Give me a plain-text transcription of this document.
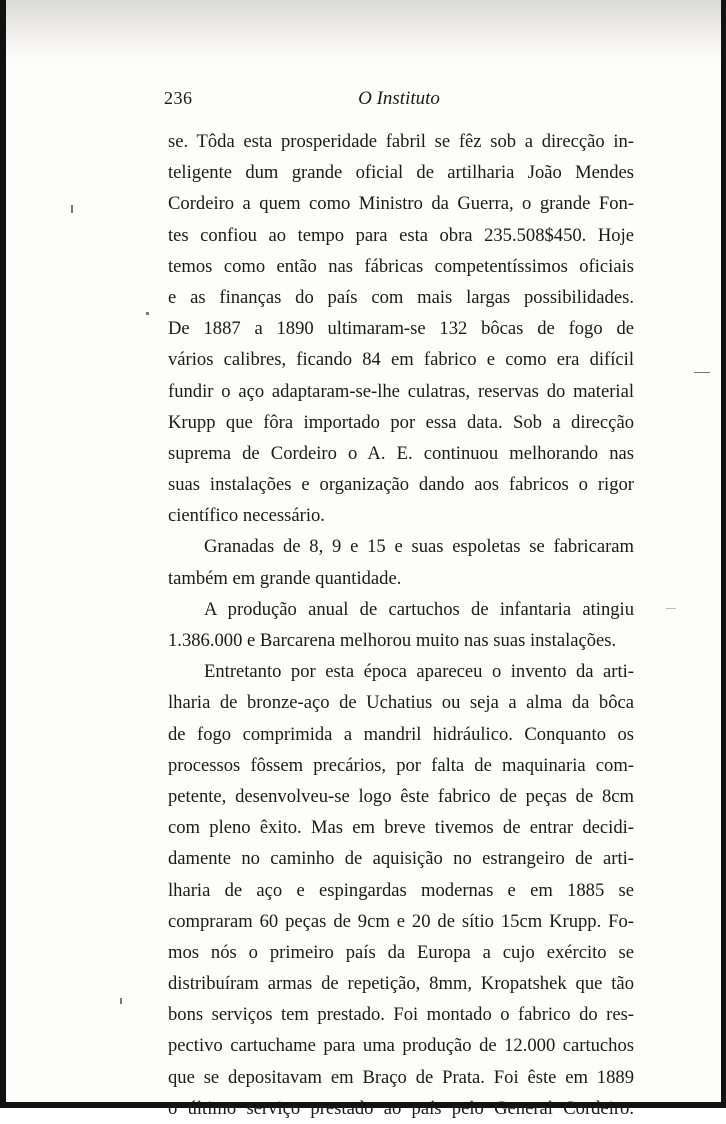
236	O Instituto
se. Tôda esta prosperidade fabril se fêz sob a direcção in-
teligente dum grande oficial de artilharia João Mendes
Cordeiro a quem como Ministro da Guerra, o grande Fon-
tes confiou ao tempo para esta obra 235.508$450. Hoje
temos como então nas fábricas competentíssimos oficiais
e as finanças do país com mais largas possibilidades.
De 1887 a 1890 ultimaram-se 132 bôcas de fogo de
vários calibres, ficando 84 em fabrico e como era difícil
fundir o aço adaptaram-se-lhe culatras, reservas do material
Krupp que fôra importado por essa data. Sob a direcção
suprema de Cordeiro o A. E. continuou melhorando nas
suas instalações e organização dando aos fabricos o rigor
científico necessário.
Granadas de 8, 9 e 15 e suas espoletas se fabricaram
também em grande quantidade.
A produção anual de cartuchos de infantaria atingiu
1.386.000 e Barcarena melhorou muito nas suas instalações.
Entretanto por esta época apareceu o invento da arti-
lharia de bronze-aço de Uchatius ou seja a alma da bôca
de fogo comprimida a mandril hidráulico. Conquanto os
processos fôssem precários, por falta de maquinaria com-
petente, desenvolveu-se logo êste fabrico de peças de 8cm
com pleno êxito. Mas em breve tivemos de entrar decidi-
damente no caminho de aquisição no estrangeiro de arti-
lharia de aço e espingardas modernas e em 1885 se
compraram 60 peças de 9cm e 20 de sítio 15cm Krupp. Fo-
mos nós o primeiro país da Europa a cujo exército se
distribuíram armas de repetição, 8mm, Kropatshek que tão
bons serviços tem prestado. Foi montado o fabrico do res-
pectivo cartuchame para uma produção de 12.000 cartuchos
que se depositavam em Braço de Prata. Foi êste em 1889
o último serviço prestado ao país pelo General Cordeiro.
